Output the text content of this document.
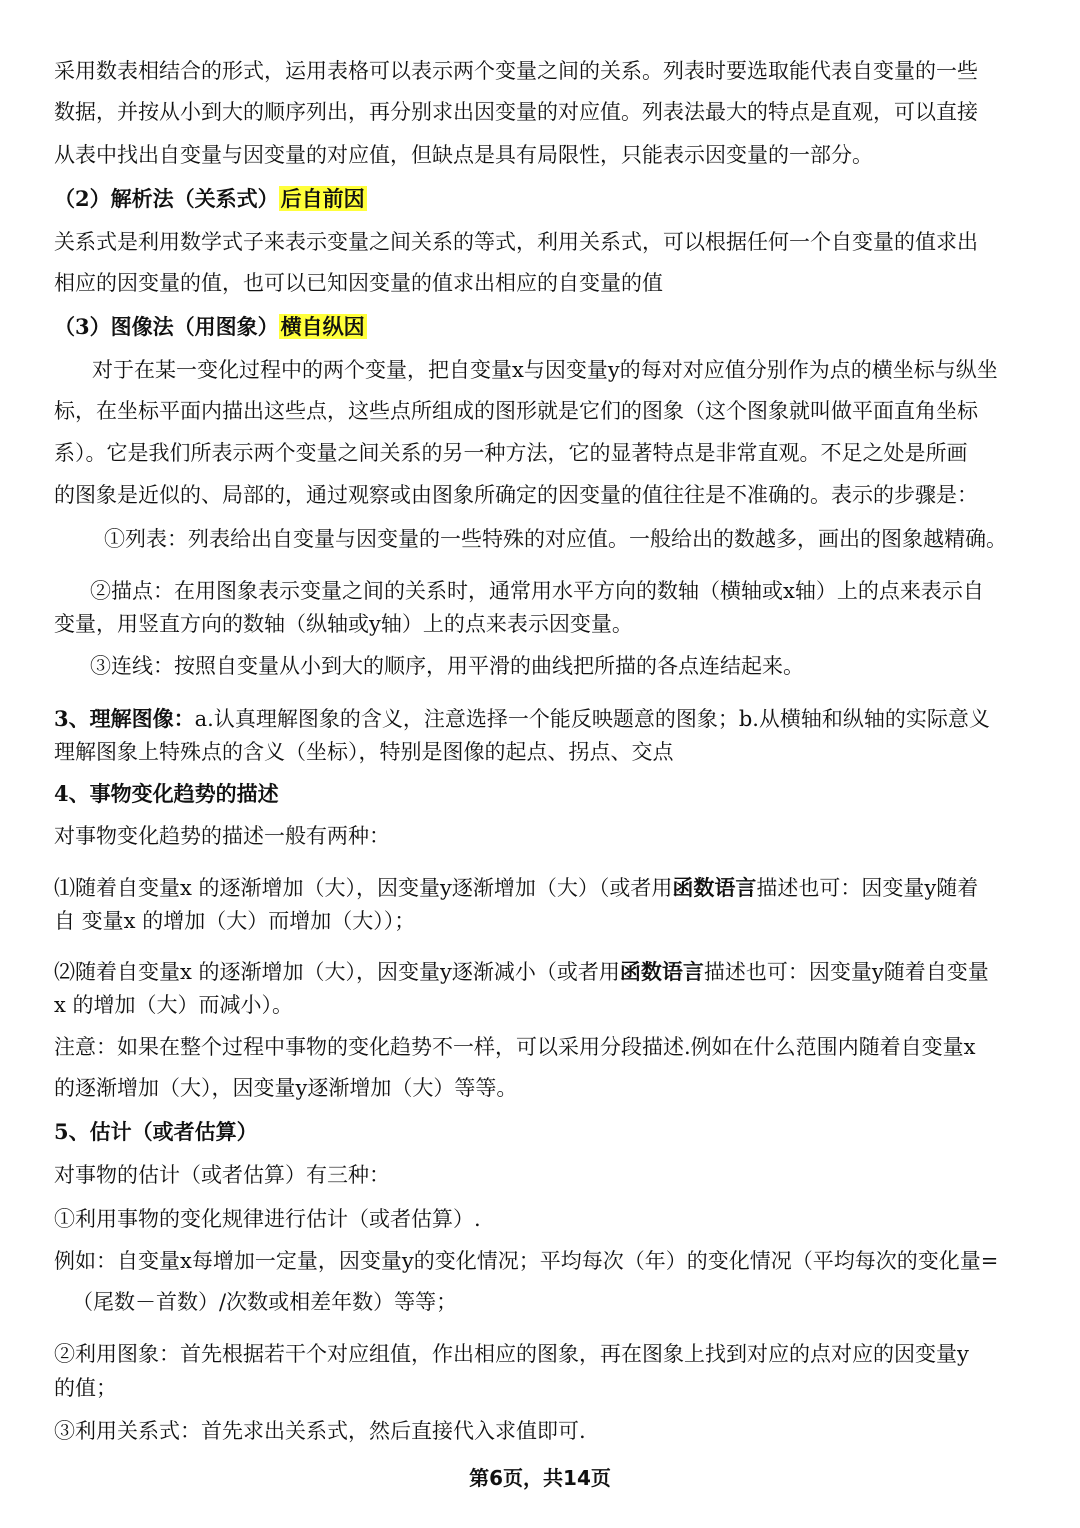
采用数表相结合的形式，运用表格可以表示两个变量之间的关系。列表时要选取能代表自变量的一些
数据，并按从小到大的顺序列出，再分别求出因变量的对应值。列表法最大的特点是直观，可以直接
从表中找出自变量与因变量的对应值，但缺点是具有局限性，只能表示因变量的一部分。
（2）解析法（关系式）后自前因
关系式是利用数学式子来表示变量之间关系的等式，利用关系式，可以根据任何一个自变量的值求出
相应的因变量的值，也可以已知因变量的值求出相应的自变量的值
（3）图像法（用图象）横自纵因
对于在某一变化过程中的两个变量，把自变量x与因变量y的每对对应值分别作为点的横坐标与纵坐
标，在坐标平面内描出这些点，这些点所组成的图形就是它们的图象（这个图象就叫做平面直角坐标
系）。它是我们所表示两个变量之间关系的另一种方法，它的显著特点是非常直观。不足之处是所画
的图象是近似的、局部的，通过观察或由图象所确定的因变量的值往往是不准确的。表示的步骤是：
①列表：列表给出自变量与因变量的一些特殊的对应值。一般给出的数越多，画出的图象越精确。
②描点：在用图象表示变量之间的关系时，通常用水平方向的数轴（横轴或x轴）上的点来表示自
变量，用竖直方向的数轴（纵轴或y轴）上的点来表示因变量。
③连线：按照自变量从小到大的顺序，用平滑的曲线把所描的各点连结起来。
3、理解图像：a.认真理解图象的含义，注意选择一个能反映题意的图象；b.从横轴和纵轴的实际意义
理解图象上特殊点的含义（坐标），特别是图像的起点、拐点、交点
4、事物变化趋势的描述
对事物变化趋势的描述一般有两种：
⑴随着自变量x 的逐渐增加（大），因变量y逐渐增加（大）（或者用函数语言描述也可：因变量y随着
自 变量x 的增加（大）而增加（大））；
⑵随着自变量x 的逐渐增加（大），因变量y逐渐减小（或者用函数语言描述也可：因变量y随着自变量
x 的增加（大）而减小）。
注意：如果在整个过程中事物的变化趋势不一样，可以采用分段描述.例如在什么范围内随着自变量x
的逐渐增加（大），因变量y逐渐增加（大）等等。
5、估计（或者估算）
对事物的估计（或者估算）有三种：
①利用事物的变化规律进行估计（或者估算）.
例如：自变量x每增加一定量，因变量y的变化情况；平均每次（年）的变化情况（平均每次的变化量=
（尾数－首数）/次数或相差年数）等等；
②利用图象：首先根据若干个对应组值，作出相应的图象，再在图象上找到对应的点对应的因变量y
的值；
③利用关系式：首先求出关系式，然后直接代入求值即可.
第6页，共14页
